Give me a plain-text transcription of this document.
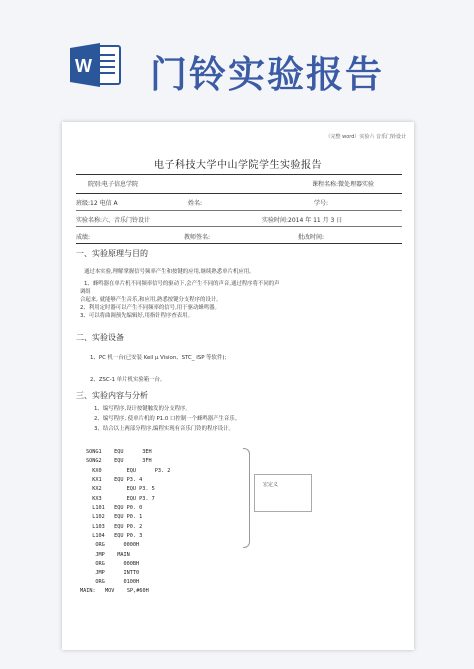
W 门铃实验报告
（完整 word）实验六 音乐门铃设计
电子科技大学中山学院学生实验报告
院别:电子信息学院	课程名称:微处理器实验
班级:12 电信 A	姓名:	学号:
实验名称:六、音乐门铃设计	实验时间:2014 年 11 月 3 日
成绩:	教师签名:	批改时间:
一、实验原理与目的
通过本实验,理解掌握信号频率产生和按键的应用,继续熟悉单片机应用。
1、蜂鸣器在单片机不同频率信号的驱动下,会产生不同的声音,通过程序将不同的声
调组
合起来, 就能够产生音乐,和应用,熟悉按键分支程序的设计。
2、利用定时器可以产生不同频率的信号,用于驱动蜂鸣器。
3、可以将曲调预先编辑好,用指针程序查表用。
二、实验设备
1、PC 机一台(已安装 Keil μ Vision、STC_ ISP 等软件);
2、ZSC-1 单片机实验箱一台。
三、实验内容与分析
1、编写程序,设计按键触发的分支程序。
2、编写程序, 使单片机的 P1.0 口控制一个蜂鸣器产生音乐。
3、结合以上两部分程序,编程实现有音乐门铃的程序设计。
SONG1    EQU      3EH
SONG2    EQU      3FH
KX0        EQU      P3. 2
KX1    EQU P3. 4
KX2        EQU P3. 5
KX3        EQU P3. 7
L101   EQU P0. 0
L102   EQU P0. 1
L103   EQU P0. 2
L104   EQU P0. 3
ORG      0000H
JMP    MAIN
ORG      000BH
JMP      INTT0
ORG      0100H
MAIN:   MOV    SP,#60H
宏定义
